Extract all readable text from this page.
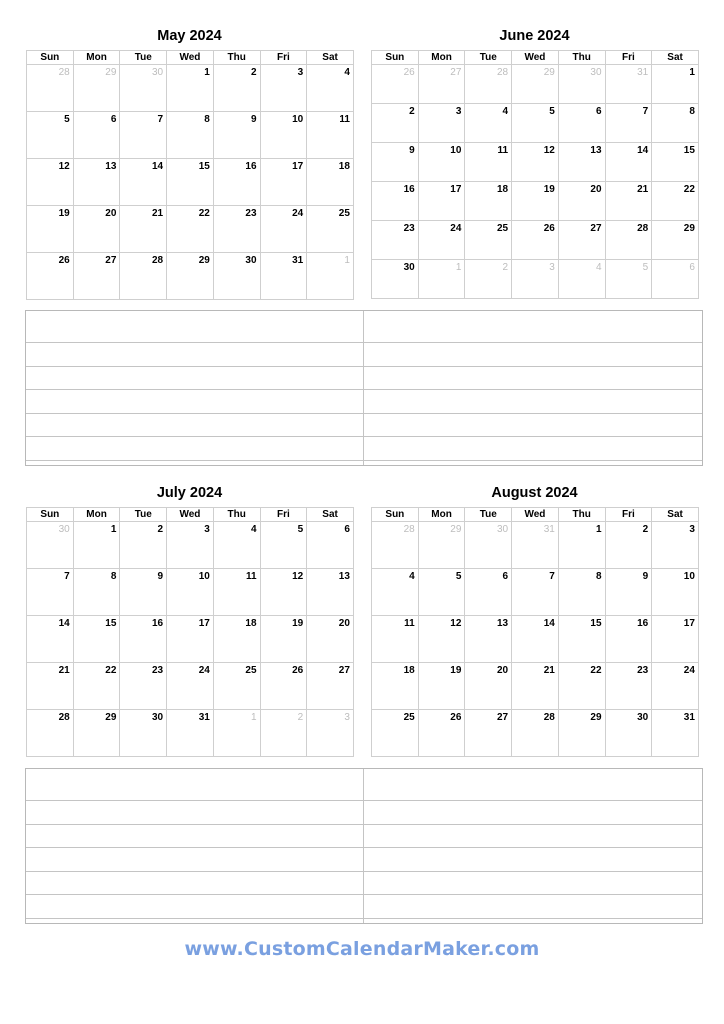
May 2024
Sun	Mon	Tue	Wed	Thu	Fri	Sat
28	29	30	1	2	3	4
5	6	7	8	9	10	11
12	13	14	15	16	17	18
19	20	21	22	23	24	25
26	27	28	29	30	31	1
June 2024
Sun	Mon	Tue	Wed	Thu	Fri	Sat
26	27	28	29	30	31	1
2	3	4	5	6	7	8
9	10	11	12	13	14	15
16	17	18	19	20	21	22
23	24	25	26	27	28	29
30	1	2	3	4	5	6
July 2024
Sun	Mon	Tue	Wed	Thu	Fri	Sat
30	1	2	3	4	5	6
7	8	9	10	11	12	13
14	15	16	17	18	19	20
21	22	23	24	25	26	27
28	29	30	31	1	2	3
August 2024
Sun	Mon	Tue	Wed	Thu	Fri	Sat
28	29	30	31	1	2	3
4	5	6	7	8	9	10
11	12	13	14	15	16	17
18	19	20	21	22	23	24
25	26	27	28	29	30	31
www.CustomCalendarMaker.com
